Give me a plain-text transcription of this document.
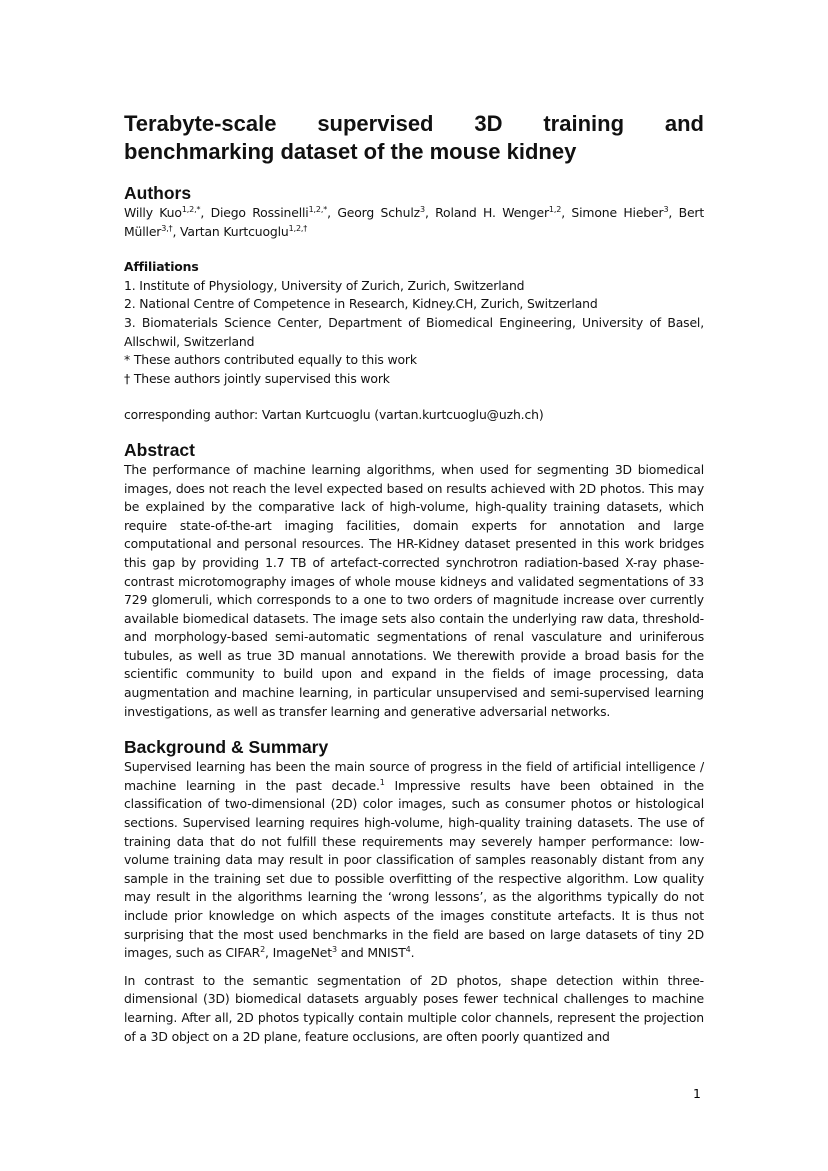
Terabyte-scale supervised 3D training and benchmarking dataset of the mouse kidney
Authors

Willy Kuo$^{1,2,*}$, Diego Rossinelli$^{1,2,*}$, Georg Schulz$^3$, Roland H. Wenger$^{1,2}$, Simone Hieber$^3$, Bert Müller$^{3,\dagger}$, Vartan Kurtcuoglu$^{1,2,\dagger}$

Affiliations
1. Institute of Physiology, University of Zurich, Zurich, Switzerland
2. National Centre of Competence in Research, Kidney.CH, Zurich, Switzerland
3. Biomaterials Science Center, Department of Biomedical Engineering, University of Basel, Allschwil, Switzerland
* These authors contributed equally to this work
† These authors jointly supervised this work
corresponding author: Vartan Kurtcuoglu (vartan.kurtcuoglu@uzh.ch)
Abstract

The performance of machine learning algorithms, when used for segmenting 3D biomedical images, does not reach the level expected based on results achieved with 2D photos. This may be explained by the comparative lack of high-volume, high-quality training datasets, which require state-of-the-art imaging facilities, domain experts for annotation and large computational and personal resources. The HR-Kidney dataset presented in this work bridges this gap by providing 1.7 TB of artefact-corrected synchrotron radiation-based X-ray phase-contrast microtomography images of whole mouse kidneys and validated segmentations of 33 729 glomeruli, which corresponds to a one to two orders of magnitude increase over currently available biomedical datasets. The image sets also contain the underlying raw data, threshold- and morphology-based semi-automatic segmentations of renal vasculature and uriniferous tubules, as well as true 3D manual annotations. We therewith provide a broad basis for the scientific community to build upon and expand in the fields of image processing, data augmentation and machine learning, in particular unsupervised and semi-supervised learning investigations, as well as transfer learning and generative adversarial networks.

Background & Summary

Supervised learning has been the main source of progress in the field of artificial intelligence / machine learning in the past decade.$^1$ Impressive results have been obtained in the classification of two-dimensional (2D) color images, such as consumer photos or histological sections. Supervised learning requires high-volume, high-quality training datasets. The use of training data that do not fulfill these requirements may severely hamper performance: low-volume training data may result in poor classification of samples reasonably distant from any sample in the training set due to possible overfitting of the respective algorithm. Low quality may result in the algorithms learning the ‘wrong lessons’, as the algorithms typically do not include prior knowledge on which aspects of the images constitute artefacts. It is thus not surprising that the most used benchmarks in the field are based on large datasets of tiny 2D images, such as CIFAR$^2$, ImageNet$^3$ and MNIST$^4$.

In contrast to the semantic segmentation of 2D photos, shape detection within three-dimensional (3D) biomedical datasets arguably poses fewer technical challenges to machine learning. After all, 2D photos typically contain multiple color channels, represent the projection of a 3D object on a 2D plane, feature occlusions, are often poorly quantized and

1
